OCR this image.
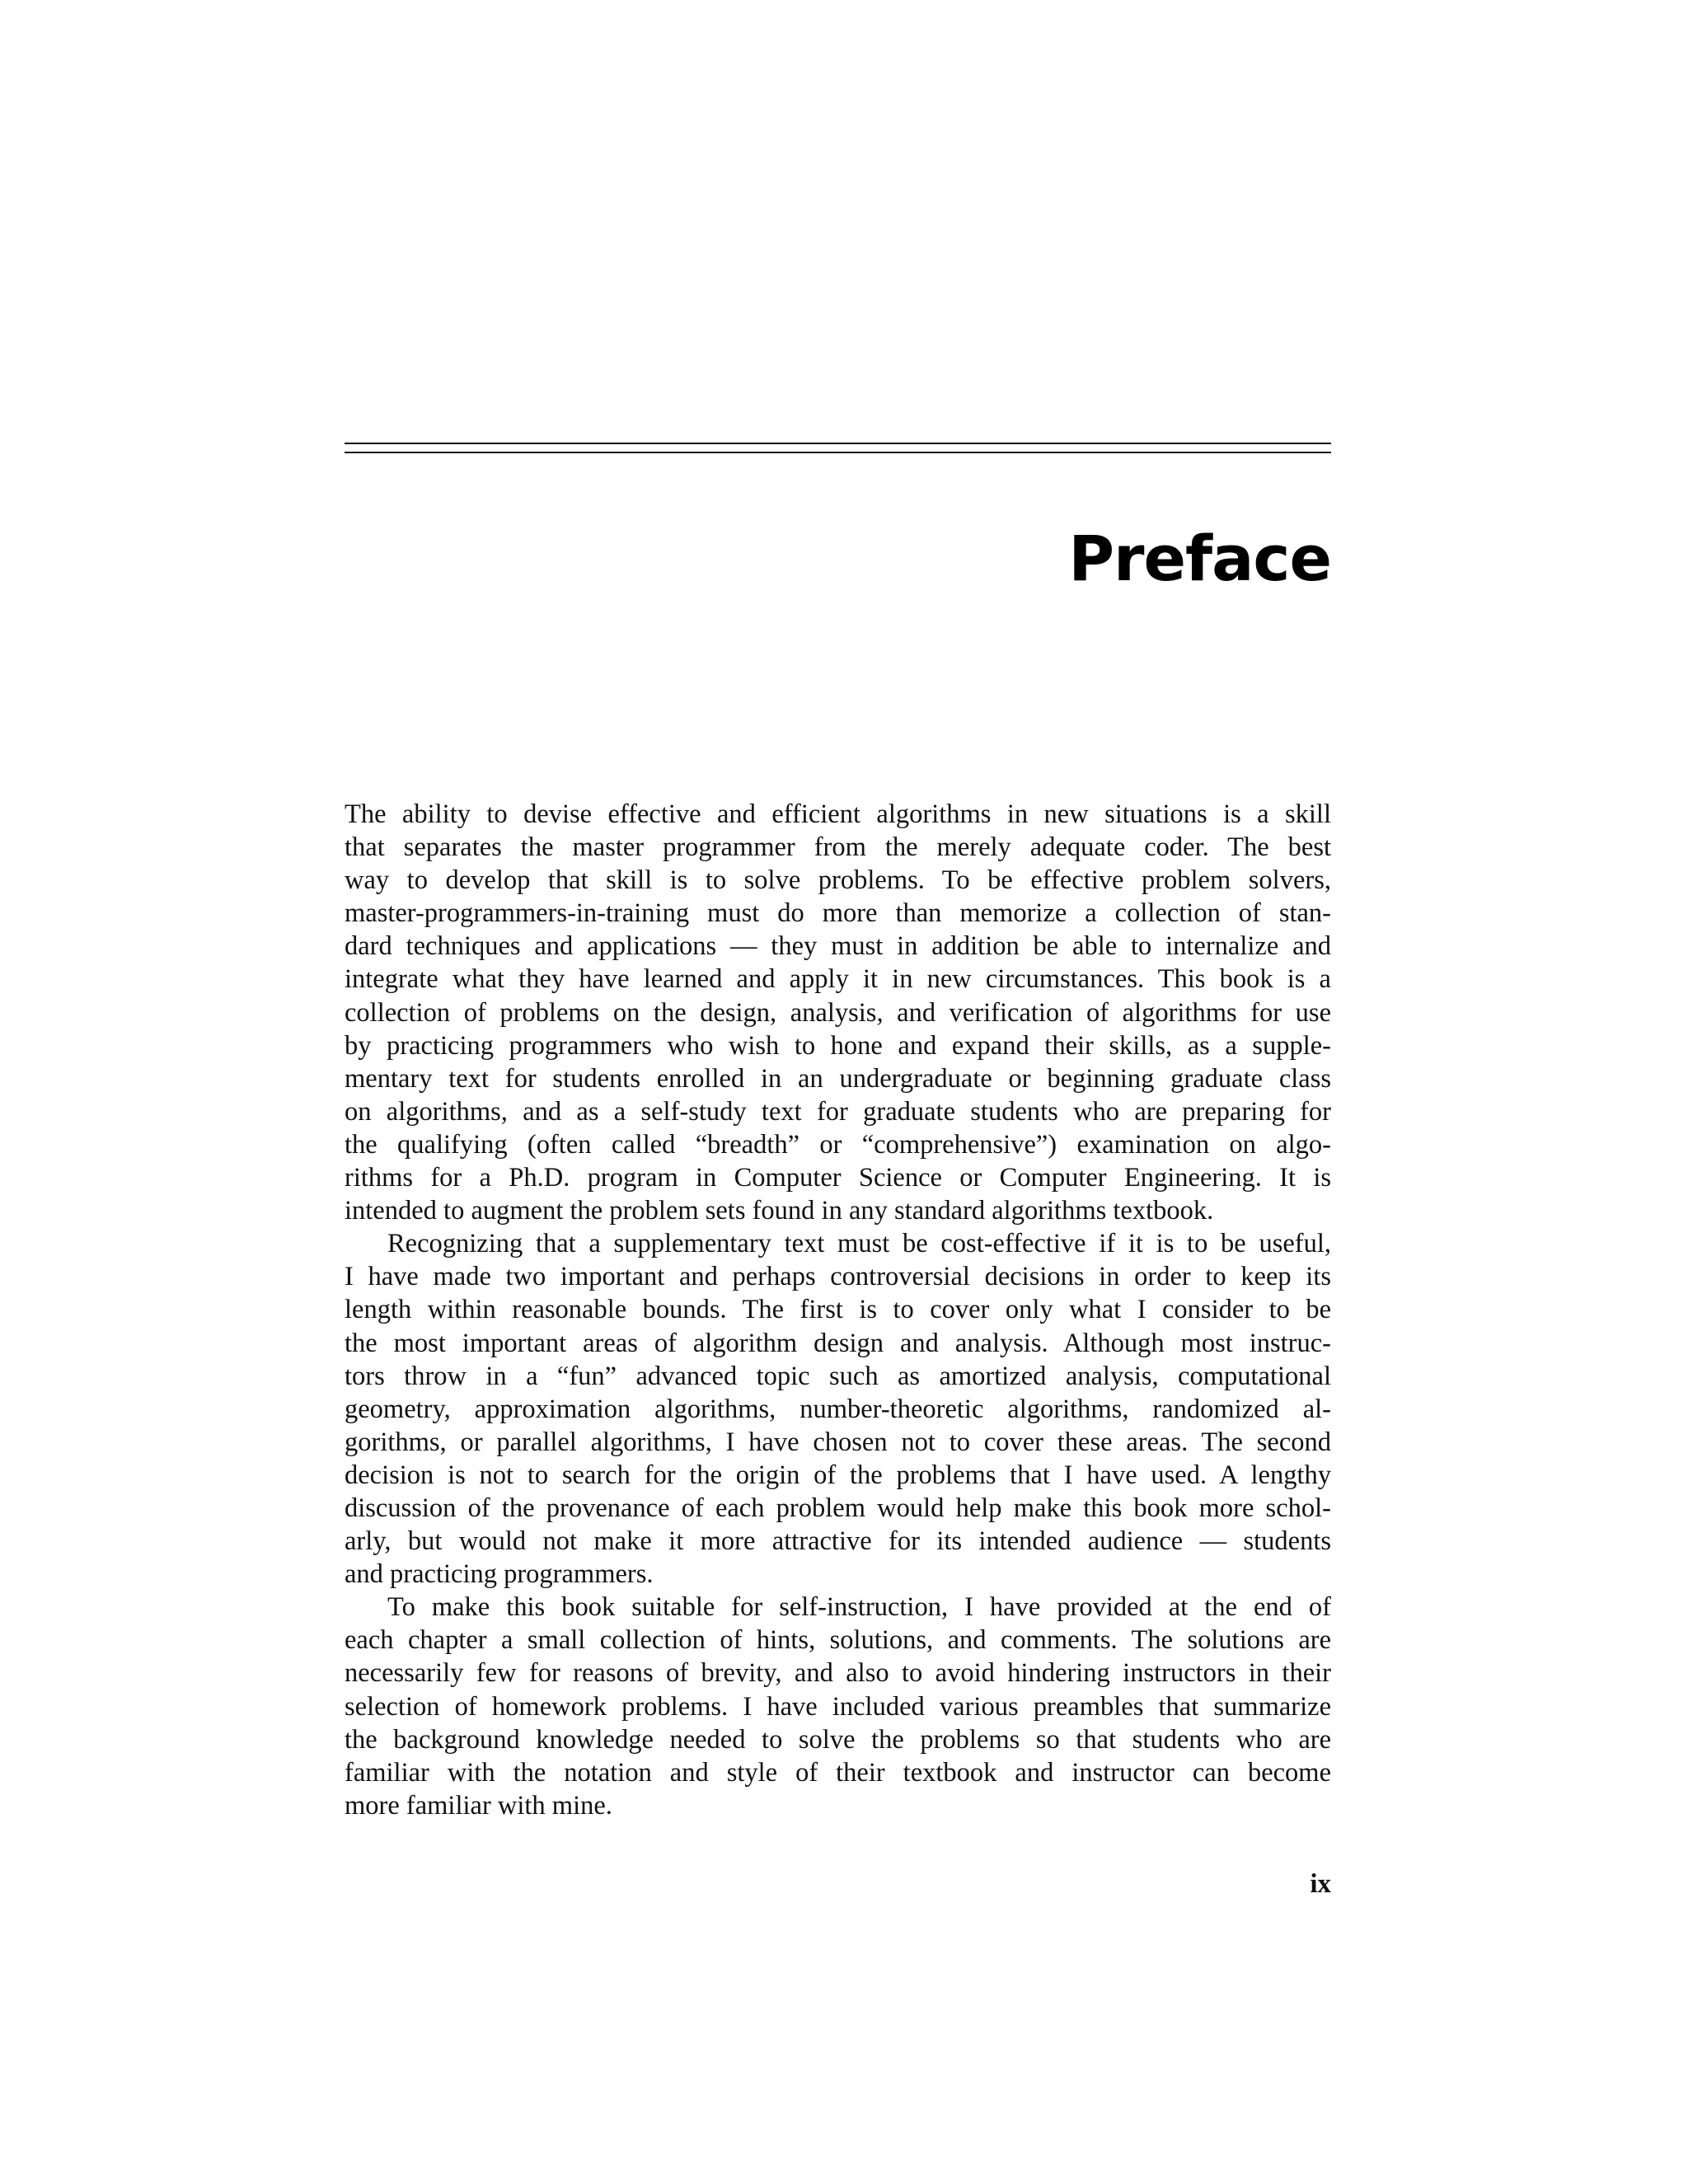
Preface
The ability to devise effective and efficient algorithms in new situations is a skill
that separates the master programmer from the merely adequate coder. The best
way to develop that skill is to solve problems. To be effective problem solvers,
master-programmers-in-training must do more than memorize a collection of stan-
dard techniques and applications — they must in addition be able to internalize and
integrate what they have learned and apply it in new circumstances. This book is a
collection of problems on the design, analysis, and verification of algorithms for use
by practicing programmers who wish to hone and expand their skills, as a supple-
mentary text for students enrolled in an undergraduate or beginning graduate class
on algorithms, and as a self-study text for graduate students who are preparing for
the qualifying (often called “breadth” or “comprehensive”) examination on algo-
rithms for a Ph.D. program in Computer Science or Computer Engineering. It is
intended to augment the problem sets found in any standard algorithms textbook.
Recognizing that a supplementary text must be cost-effective if it is to be useful,
I have made two important and perhaps controversial decisions in order to keep its
length within reasonable bounds. The first is to cover only what I consider to be
the most important areas of algorithm design and analysis. Although most instruc-
tors throw in a “fun” advanced topic such as amortized analysis, computational
geometry, approximation algorithms, number-theoretic algorithms, randomized al-
gorithms, or parallel algorithms, I have chosen not to cover these areas. The second
decision is not to search for the origin of the problems that I have used. A lengthy
discussion of the provenance of each problem would help make this book more schol-
arly, but would not make it more attractive for its intended audience — students
and practicing programmers.
To make this book suitable for self-instruction, I have provided at the end of
each chapter a small collection of hints, solutions, and comments. The solutions are
necessarily few for reasons of brevity, and also to avoid hindering instructors in their
selection of homework problems. I have included various preambles that summarize
the background knowledge needed to solve the problems so that students who are
familiar with the notation and style of their textbook and instructor can become
more familiar with mine.
ix
